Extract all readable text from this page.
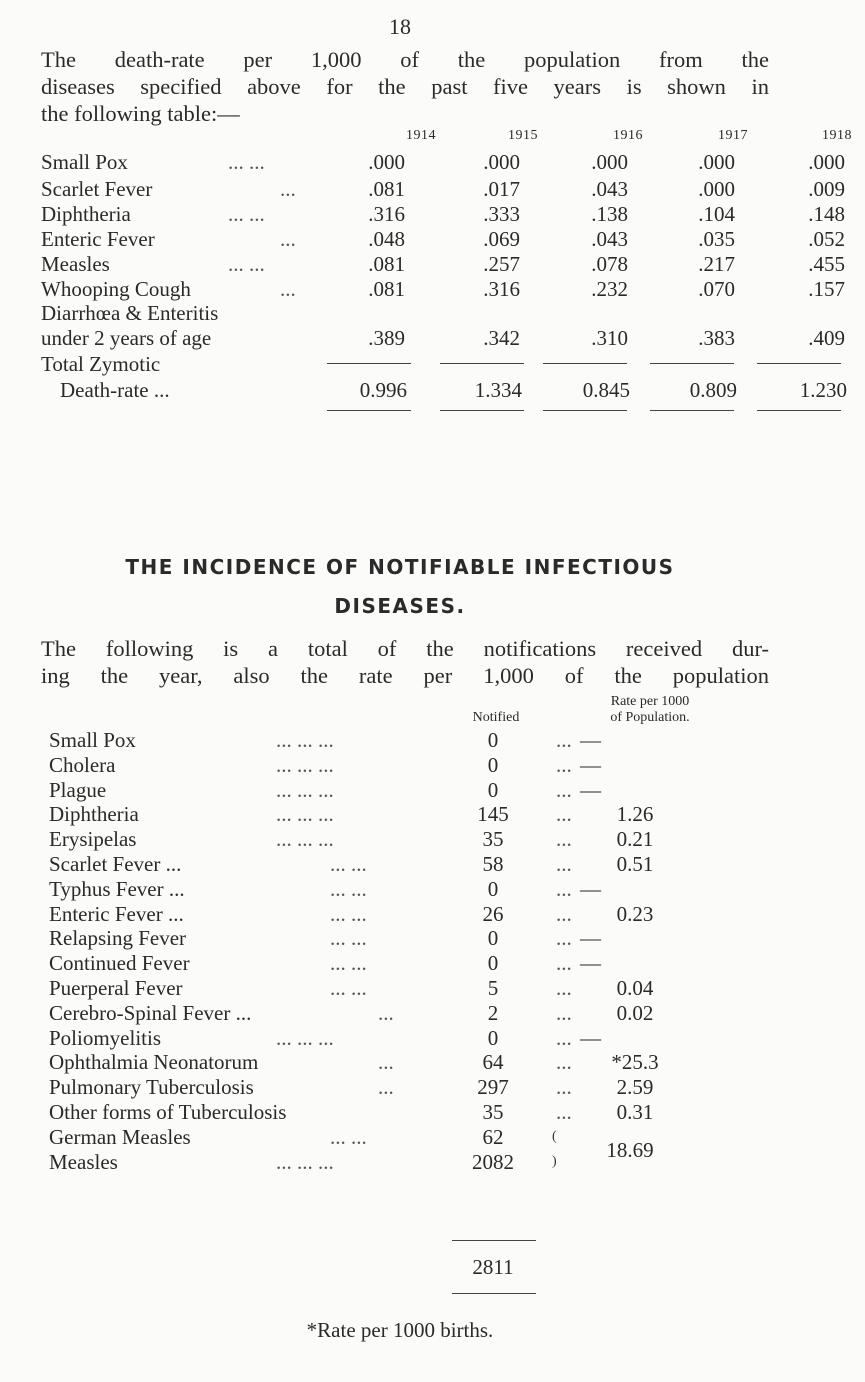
18
The death-rate per 1,000 of the population from the
diseases specified above for the past five years is shown in
the following table:—
1914	1915	1916	1917	1918
Small Pox	... ...	.000	.000	.000	.000	.000
Scarlet Fever	...	.081	.017	.043	.000	.009
Diphtheria	... ...	.316	.333	.138	.104	.148
Enteric Fever	...	.048	.069	.043	.035	.052
Measles	... ...	.081	.257	.078	.217	.455
Whooping Cough	...	.081	.316	.232	.070	.157
Diarrhœa & Enteritis
under 2 years of age	.389	.342	.310	.383	.409
Total Zymotic
Death-rate ...	0.996	1.334	0.845	0.809	1.230
THE INCIDENCE OF NOTIFIABLE INFECTIOUS
DISEASES.
The following is a total of the notifications received dur-
ing the year, also the rate per 1,000 of the population
Notified
Rate per 1000
of Population.
Small Pox	... ... ...	0	... —
Cholera	... ... ...	0	... —
Plague	... ... ...	0	... —
Diphtheria	... ... ...	145	...	1.26
Erysipelas	... ... ...	35	...	0.21
Scarlet Fever ...	... ...	58	...	0.51
Typhus Fever ...	... ...	0	... —
Enteric Fever ...	... ...	26	...	0.23
Relapsing Fever	... ...	0	... —
Continued Fever	... ...	0	... —
Puerperal Fever	... ...	5	...	0.04
Cerebro-Spinal Fever ...	...	2	...	0.02
Poliomyelitis	... ... ...	0	... —
Ophthalmia Neonatorum	...	64	...	*25.3
Pulmonary Tuberculosis	...	297	...	2.59
Other forms of Tuberculosis	35	...	0.31
German Measles	... ...	62
Measles	... ... ...	2082
(
)	18.69
2811
*Rate per 1000 births.
